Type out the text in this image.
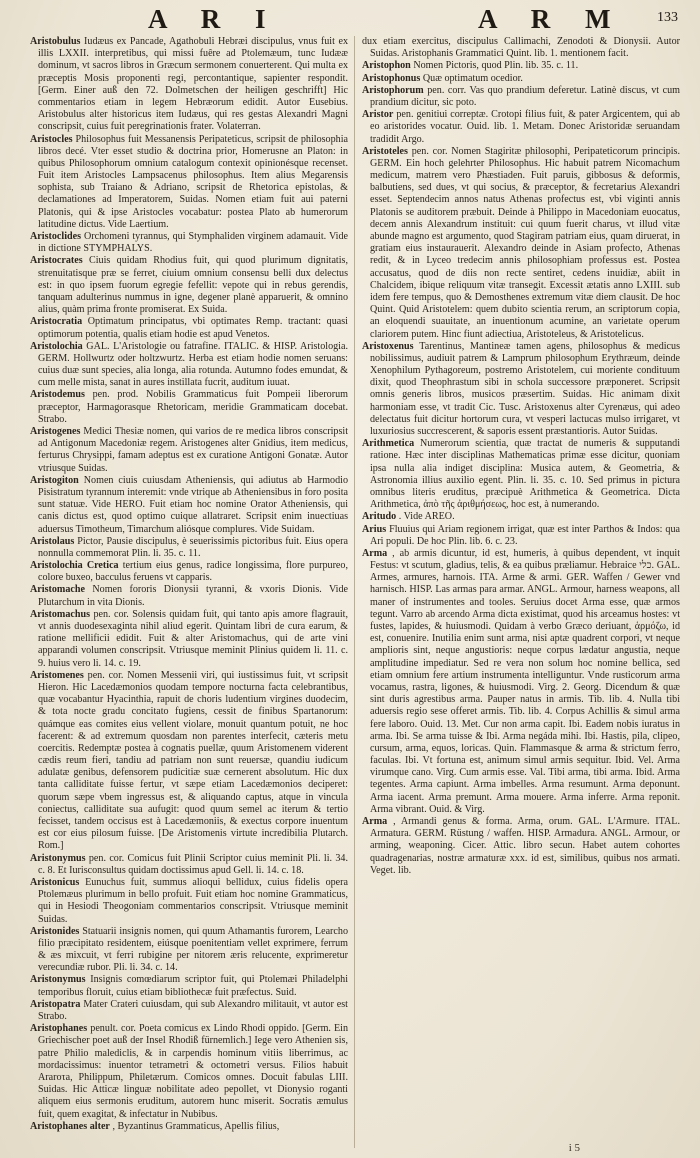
A R I	A R M 133
Aristobulus Iudæus ex Pancade, Agathobuli Hebræi discipulus, vnus fuit ex illis LXXII. interpretibus, qui missi fuêre ad Ptolemæum, tunc Iudææ dominum, vt sacros libros in Græcum sermonem conuerterent. Qui multa ex præceptis Mosis proponenti regi, percontantique, sapienter respondit. [Germ. Einer auß den 72. Dolmetschen der heiligen geschrifft] Hic commentarios etiam in legem Hebræorum edidit. Autor Eusebius. Aristobulus alter historicus item Iudæus, qui res gestas Alexandri Magni conscripsit, cuius fuit peregrinationis frater. Volaterran.
Aristocles Philosophus fuit Messanensis Peripateticus, scripsit de philosophia libros decé. Vter esset studio & doctrina prior, Homerusne an Platon: in quibus Philosophorum omnium catalogum contexit opinionésque recenset. Fuit item Aristocles Lampsacenus philosophus. Item alius Megarensis sophista, sub Traiano & Adriano, scripsit de Rhetorica epistolas, & declamationes ad Imperatorem, Suidas. Nomen etiam fuit aui paterni Platonis, qui & ipse Aristocles vocabatur: postea Plato ab humerorum latitudine dictus. Vide Laertium.
Aristoclides Orchomeni tyrannus, qui Stymphaliden virginem adamauit. Vide in dictione STYMPHALYS.
Aristocrates Ciuis quidam Rhodius fuit, qui quod plurimum dignitatis, strenuitatisque præ se ferret, ciuium omnium consensu belli dux delectus est: in quo ipsem fuorum egregie fefellit: vepote qui in rebus gerendis, tanquam adulterinus nummus in igne, degener planè apparuerit, & omnino alius, quàm prima fronte promiserat. Ex Suida.
Aristocratia Optimatum principatus, vbi optimates Remp. tractant: quasi optimorum potentia, qualis etiam hodie est apud Venetos.
Aristolochia GAL. L'Aristologie ou fatrafine. ITALIC. & HISP. Aristologia. GERM. Hollwurtz oder holtzwurtz. Herba est etiam hodie nomen seruans: cuius duæ sunt species, alia longa, alia rotunda. Autumno fodes emundat, & cum melle mista, sanat in aures instillata fucrit, auditum iuuat.
Aristodemus pen. prod. Nobilis Grammaticus fuit Pompeii liberorum præceptor, Harmagorasque Rhetoricam, meridie Grammaticam docebat. Strabo.
Aristogenes Medici Thesiæ nomen, qui varios de re medica libros conscripsit ad Antigonum Macedoniæ regem. Aristogenes alter Gnidius, item medicus, ferturus Chrysippi, famam adeptus est ex curatione Antigoni Gonatæ. Autor vtriusque Suidas.
Aristogiton Nomen ciuis cuiusdam Atheniensis, qui adiutus ab Harmodio Pisistratum tyrannum interemit: vnde vtrique ab Atheniensibus in foro posita sunt statuæ. Vide HERO. Fuit etiam hoc nomine Orator Atheniensis, qui canis dictus est, quod optimo cuique allatraret. Scripsit enim inuectiuas aduersus Timotheum, Timarchum aliósque complures. Vide Suidam.
Aristolaus Pictor, Pausie discipulus, è seuerissimis pictoribus fuit. Eius opera nonnulla commemorat Plin. li. 35. c. 11.
Aristolochia Cretica tertium eius genus, radice longissima, flore purpureo, colore buxeo, bacculus feruens vt capparis.
Aristomache Nomen fororis Dionysii tyranni, & vxoris Dionis. Vide Plutarchum in vita Dionis.
Aristomachus pen. cor. Solensis quidam fuit, qui tanto apis amore flagrauit, vt annis duodesexaginta nihil aliud egerit. Quintam libri de cura earum, & ratione mellificii edidit. Fuit & alter Aristomachus, qui de arte vini apparandi volumen conscripsit. Vtriusque meminit Plinius quidem li. 11. c. 9. huius vero li. 14. c. 19.
Aristomenes pen. cor. Nomen Messenii viri, qui iustissimus fuit, vt scripsit Hieron. Hic Lacedæmonios quodam tempore nocturna facta celebrantibus, quæ vocabantur Hyacinthia, rapuit de choris ludentium virgines duodecim, & tota nocte gradu concitato fugiens, cessit de finibus Spartanorum: quámque eas comites eius vellent violare, monuit quantum potuit, ne hoc facerent: & ad extremum quosdam non parentes interfecit, cæteris metu coercitis. Redemptæ postea à cognatis puellæ, quum Aristomenem viderent cædis reum fieri, tandiu ad patriam non sunt reuersæ, quandiu iudicum adulatæ genibus, defensorem pudicitiæ suæ cernerent absolutum. Hic dux tanta calliditate fuisse fertur, vt sæpe etiam Lacedæmonios deciperet: quorum sæpe vbem ingressus est, & aliquando captus, atque in vincula coniectus, calliditate sua aufugit: quod quum semel ac iterum & tertio fecisset, tandem occisus est à Lacedæmoniis, & exectus corpore inuentum est cor eius pilosum fuisse. [De Aristomenis virtute incredibilia Plutarch. Rom.]
Aristonymus pen. cor. Comicus fuit Plinii Scriptor cuius meminit Pli. li. 34. c. 8. Et Iurisconsultus quidam doctissimus apud Gell. li. 14. c. 18.
Aristonicus Eunuchus fuit, summus alioqui bellidux, cuius fidelis opera Ptolemæus plurimum in bello profuit. Fuit etiam hoc nomine Grammaticus, qui in Hesiodi Theogoniam commentarios conscripsit. Vtriusque meminit Suidas.
Aristonides Statuarii insignis nomen, qui quum Athamantis furorem, Learcho filio præcipitato residentem, eiúsque poenitentiam vellet exprimere, ferrum & æs mixcuit, vt ferri rubigine per nitorem æris relucente, exprimeretur verecundiæ rubor. Pli. li. 34. c. 14.
Aristonymus Insignis comœdiarum scriptor fuit, qui Ptolemæi Philadelphi temporibus floruit, cuius etiam bibliothecæ fuit præfectus. Suid.
Aristopatra Mater Crateri cuiusdam, qui sub Alexandro militauit, vt autor est Strabo.
Aristophanes penult. cor. Poeta comicus ex Lindo Rhodi oppido. [Germ. Ein Griechischer poet auß der Insel Rhodiß fürnemlich.] Iege vero Athenien sis, patre Philio malediclis, & in carpendis hominum vitiis liberrimus, ac mordacissimus: inuentor tetrametri & octometri versus. Filios habuit Araroτa, Philippum, Philetærum. Comicos omnes. Docuit fabulas LIII. Suidas. Hic Atticæ linguæ nobilitate adeo pepollet, vt Dionysio roganti aliquem eius sermonis eruditum, autorem hunc miserit. Socratis æmulus fuit, quem exagitat, & infectatur in Nubibus.
Aristophanes alter , Byzantinus Grammaticus, Apellis filius,
dux etiam exercitus, discipulus Callimachi, Zenodoti & Dionysii. Autor Suidas. Aristophanis Grammatici Quint. lib. 1. mentionem facit.
Aristophon Nomen Pictoris, quod Plin. lib. 35. c. 11.
Aristophonus Quæ optimatum ocedior.
Aristophorum pen. corr. Vas quo prandium deferetur. Latinè discus, vt cum prandium dicitur, sic poto.
Aristor pen. genitiui correptæ. Crotopi filius fuit, & pater Argicentem, qui ab eo aristorides vocatur. Ouid. lib. 1. Metam. Donec Aristoridæ seruandam tradidit Argo.
Aristoteles pen. cor. Nomen Stagiritæ philosophi, Peripateticorum principis. GERM. Ein hoch gelehrter Philosophus. Hic habuit patrem Nicomachum medicum, matrem vero Phæstiaden. Fuit paruis, gibbosus & deformis, balbutiens, sed dues, vt qui socius, & præceptor, & fecretarius Alexandri esset. Septendecim annos natus Athenas profectus est, vbi viginti annis Platonis se auditorem præbuit. Deinde à Philippo in Macedoniam euocatus, decem annis Alexandrum instituit: cui quum fuerit charus, vt illud vitæ abunde magno est argumento, quod Stagiram patriam eius, quam diruerat, in gratiam eius instaurauerit. Alexandro deinde in Asiam profecto, Athenas redit, & in Lyceo tredecim annis philosophiam professus est. Postea accusatus, quod de diis non recte sentiret, cedens inuidiæ, abiit in Chalcidem, ibique reliquum vitæ transegit. Excessit ætatis anno LXIII. sub idem fere tempus, quo & Demosthenes extremum vitæ diem clausit. De hoc Quint. Quid Aristotelem: quem dubito scientia rerum, an scriptorum copia, an eloquendi suauitate, an inuentionum acumine, an varietate operum clariorem putem. Hinc fiunt adiectiua, Aristoteleus, & Aristotelicus.
Aristoxenus Tarentinus, Mantineæ tamen agens, philosophus & medicus nobilissimus, audiuit patrem & Lamprum philosophum Erythræum, deinde Xenophilum Pythagoreum, postremo Aristotelem, cui moriente condituum dixit, quod Theophrastum sibi in schola successore præponeret. Scripsit omnis generis libros, musicos præsertim. Suidas. Hic animam dixit harmoniam esse, vt tradit Cic. Tusc. Aristoxenus alter Cyrenæus, qui adeo delectatus fuit dicitur hortorum cura, vt vesperi lactucas mulso irrigaret, vt luxuriosius succrescerent, & saporis essent præstantioris. Autor Suidas.
Arithmetica Numerorum scientia, quæ tractat de numeris & supputandi ratione. Hæc inter disciplinas Mathematicas primæ esse dicitur, quoniam ipsa nulla alia indiget disciplina: Musica autem, & Geometria, & Astronomia illius auxilio egent. Plin. li. 35. c. 10. Sed primus in pictura omnibus literis eruditus, præcipuè Arithmetica & Geometrica. Dicta Arithmetica, ἀπὸ τῆς ἀριθμήσεως, hoc est, à numerando.
Aritudo . Vide AREO.
Arius Fluuius qui Ariam regionem irrigat, quæ est inter Parthos & Indos: qua Ari populi. De hoc Plin. lib. 6. c. 23.
Arma , ab armis dicuntur, id est, humeris, à quibus dependent, vt inquit Festus: vt scutum, gladius, telis, & ea quibus præliamur. Hebraice כלי. GAL. Armes, armures, harnois. ITA. Arme & armi. GER. Waffen / Gewer vnd harnisch. HISP. Las armas para armar. ANGL. Armour, harness weapons, all maner of instrumentes and tooles. Seruius docet Arma esse, quæ armos tegunt. Varro ab arcendo Arma dicta existimat, quod his arceamus hostes: vt fustes, lapides, & huiusmodi. Quidam à verbo Græco deriuant, ἁρμόζω, id est, conuenire. Inutilia enim sunt arma, nisi aptæ quadrent corpori, vt neque amplioris sint, neque angustioris: neque corpus lædatur angustia, neque amplitudine impediatur. Sed re vera non solum hoc nomine bellica, sed etiam omnium fere artium instrumenta intelliguntur. Vnde rusticorum arma vocamus, rastra, ligones, & huiusmodi. Virg. 2. Georg. Dicendum & quæ sint duris agrestibus arma. Pauper natus in armis. Tib. lib. 4. Nulla tibi aduersis regio sese offeret armis. Tib. lib. 4. Corpus Achillis & simul arma fere laboro. Ouid. 13. Met. Cur non arma capit. Ibi. Eadem nobis iuratus in arma. Ibi. Se arma tuisse & Ibi. Arma negáda mihi. Ibi. Hastis, pila, clipeo, cursum, arma, equos, loricas. Quin. Flammasque & arma & strictum ferro, faculas. Ibi. Vt fortuna est, animum simul armis sequitur. Ibid. Vel. Arma virumque cano. Virg. Cum armis esse. Val. Tibi arma, tibi arma. Ibid. Arma tegentes. Arma capiunt. Arma imbelles. Arma resumunt. Arma deponunt. Arma iacent. Arma premunt. Arma mouere. Arma inferre. Arma reponit. Arma vibrant. Ouid. & Virg.
Arma , Armandi genus & forma. Arma, orum. GAL. L'Armure. ITAL. Armatura. GERM. Rüstung / waffen. HISP. Armadura. ANGL. Armour, or arming, weaponing. Cicer. Attic. libro secun. Habet autem cohortes quadragenarias, nostræ armaturæ xxx. id est, similibus, quibus nos armati. Veget. lib.
i 5
